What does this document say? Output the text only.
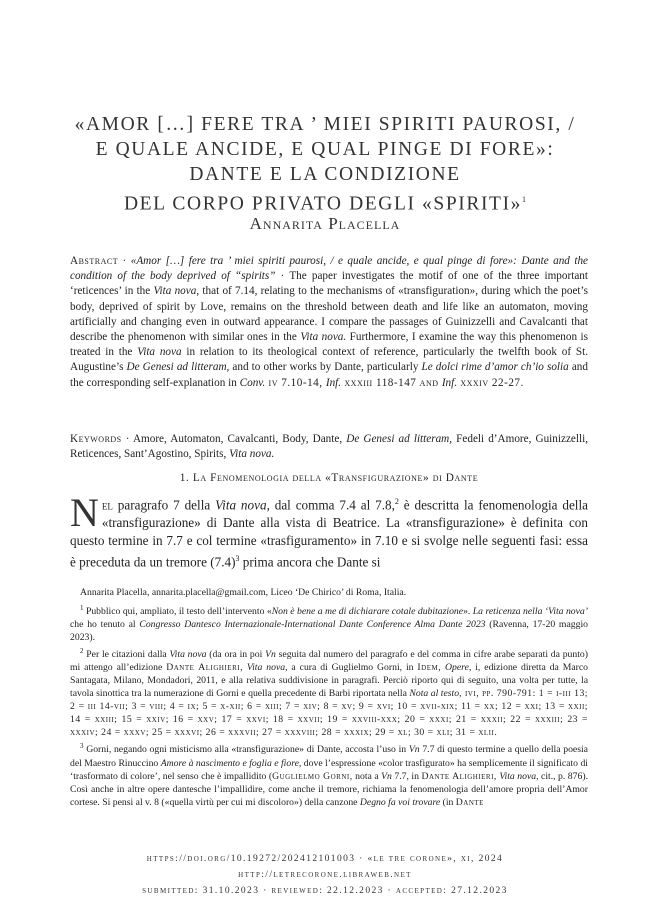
«AMOR […] FERE TRA ’ MIEI SPIRITI PAUROSI, /
E QUALE ANCIDE, E QUAL PINGE DI FORE»:
DANTE E LA CONDIZIONE
DEL CORPO PRIVATO DEGLI «SPIRITI»$^1$
Annarita Placella
Abstract · «Amor […] fere tra ’ miei spiriti paurosi, / e quale ancide, e qual pinge di fore»: Dante and the condition of the body deprived of “spirits” · The paper investigates the motif of one of the three important ‘reticences’ in the Vita nova, that of 7.14, relating to the mechanisms of «transfiguration», during which the poet’s body, deprived of spirit by Love, remains on the threshold between death and life like an automaton, moving artificially and changing even in outward appearance. I compare the passages of Guinizzelli and Cavalcanti that describe the phenomenon with similar ones in the Vita nova. Furthermore, I examine the way this phenomenon is treated in the Vita nova in relation to its theological context of reference, particularly the twelfth book of St. Augustine’s De Genesi ad litteram, and to other works by Dante, particularly Le dolci rime d’amor ch’io solia and the corresponding self-explanation in Conv. iv 7.10-14, Inf. xxxiii 118-147 and Inf. xxxiv 22-27.
Keywords · Amore, Automaton, Cavalcanti, Body, Dante, De Genesi ad litteram, Fedeli d’Amore, Guinizzelli, Reticences, Sant’Agostino, Spirits, Vita nova.
1. La Fenomenologia della «Transfigurazione» di Dante
Nel paragrafo 7 della Vita nova, dal comma 7.4 al 7.8,$^2$ è descritta la fenomenologia della «transfigurazione» di Dante alla vista di Beatrice. La «transfigurazione» è definita con questo termine in 7.7 e col termine «trasfiguramento» in 7.10 e si svolge nelle seguenti fasi: essa è preceduta da un tremore $(7.4)^3$ prima ancora che Dante si

Annarita Placella, annarita.placella@gmail.com, Liceo ‘De Chirico’ di Roma, Italia.

$^1$ Pubblico qui, ampliato, il testo dell’intervento «Non è bene a me di dichiarare cotale dubitazione». La reticenza nella ‘Vita nova’ che ho tenuto al Congresso Dantesco Internazionale-International Dante Conference Alma Dante 2023 (Ravenna, 17-20 maggio 2023).

$^2$ Per le citazioni dalla Vita nova (da ora in poi Vn seguita dal numero del paragrafo e del comma in cifre arabe separati da punto) mi attengo all’edizione Dante Alighieri, Vita nova, a cura di Guglielmo Gorni, in Idem, Opere, i, edizione diretta da Marco Santagata, Milano, Mondadori, 2011, e alla relativa suddivisione in paragrafi. Perciò riporto qui di seguito, una volta per tutte, la tavola sinottica tra la numerazione di Gorni e quella precedente di Barbi riportata nella Nota al testo, ivi, pp. 790-791: 1 = i-iii 13; 2 = iii 14-vii; 3 = viii; 4 = ix; 5 = x-xii; 6 = xiii; 7 = xiv; 8 = xv; 9 = xvi; 10 = xvii-xix; 11 = xx; 12 = xxi; 13 = xxii; 14 = xxiii; 15 = xxiv; 16 = xxv; 17 = xxvi; 18 = xxvii; 19 = xxviii-xxx; 20 = xxxi; 21 = xxxii; 22 = xxxiii; 23 = xxxiv; 24 = xxxv; 25 = xxxvi; 26 = xxxvii; 27 = xxxviii; 28 = xxxix; 29 = xl; 30 = xli; 31 = xlii.

$^3$ Gorni, negando ogni misticismo alla «transfigurazione» di Dante, accosta l’uso in Vn 7.7 di questo termine a quello della poesia del Maestro Rinuccino Amore à nascimento e foglia e fiore, dove l’espressione «color trasfigurato» ha semplicemente il significato di ‘trasformato di colore’, nel senso che è impallidito (Guglielmo Gorni, nota a Vn 7.7, in Dante Alighieri, Vita nova, cit., p. 876). Così anche in altre opere dantesche l’impallidire, come anche il tremore, richiama la fenomenologia dell’amore propria dell’Amor cortese. Si pensi al v. 8 («quella virtù per cui mi discoloro») della canzone Degno fa voi trovare (in Dante

https://doi.org/10.19272/202412101003 · «le tre corone», xi, 2024
http://letrecorone.libraweb.net
submitted: 31.10.2023 · reviewed: 22.12.2023 · accepted: 27.12.2023
